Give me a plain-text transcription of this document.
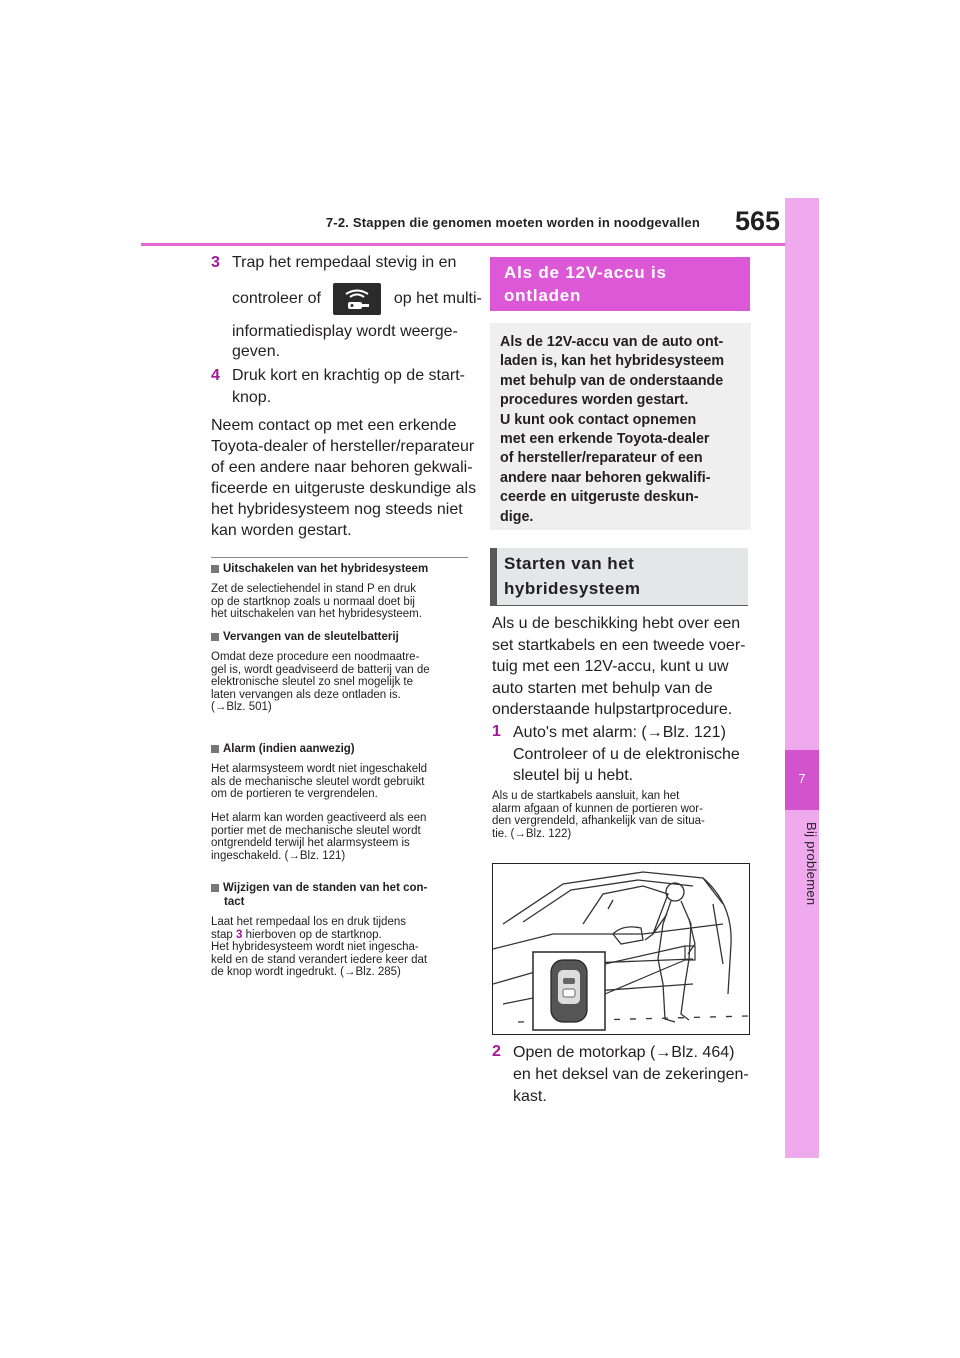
7-2. Stappen die genomen moeten worden in noodgevallen	565
7
Bij problemen
3 Trap het rempedaal stevig in en
controleer of	op het multi-
informatiedisplay wordt weerge-
geven.
4 Druk kort en krachtig op de start-
knop.
Neem contact op met een erkende
Toyota-dealer of hersteller/reparateur
of een andere naar behoren gekwali-
ficeerde en uitgeruste deskundige als
het hybridesysteem nog steeds niet
kan worden gestart.
Uitschakelen van het hybridesysteem
Zet de selectiehendel in stand P en druk
op de startknop zoals u normaal doet bij
het uitschakelen van het hybridesysteem.
Vervangen van de sleutelbatterij
Omdat deze procedure een noodmaatre-
gel is, wordt geadviseerd de batterij van de
elektronische sleutel zo snel mogelijk te
laten vervangen als deze ontladen is.
(→Blz. 501)
Alarm (indien aanwezig)
Het alarmsysteem wordt niet ingeschakeld
als de mechanische sleutel wordt gebruikt
om de portieren te vergrendelen.
Het alarm kan worden geactiveerd als een
portier met de mechanische sleutel wordt
ontgrendeld terwijl het alarmsysteem is
ingeschakeld. (→Blz. 121)
Wijzigen van de standen van het con-
tact
Laat het rempedaal los en druk tijdens
stap 3 hierboven op de startknop.
Het hybridesysteem wordt niet ingescha-
keld en de stand verandert iedere keer dat
de knop wordt ingedrukt. (→Blz. 285)
Als de 12V-accu is
ontladen
Als de 12V-accu van de auto ont-
laden is, kan het hybridesysteem
met behulp van de onderstaande
procedures worden gestart.
U kunt ook contact opnemen
met een erkende Toyota-dealer
of hersteller/reparateur of een
andere naar behoren gekwalifi-
ceerde en uitgeruste deskun-
dige.
Starten van het
hybridesysteem
Als u de beschikking hebt over een
set startkabels en een tweede voer-
tuig met een 12V-accu, kunt u uw
auto starten met behulp van de
onderstaande hulpstartprocedure.
1 Auto's met alarm: (→Blz. 121)
Controleer of u de elektronische
sleutel bij u hebt.
Als u de startkabels aansluit, kan het
alarm afgaan of kunnen de portieren wor-
den vergrendeld, afhankelijk van de situa-
tie. (→Blz. 122)
2 Open de motorkap (→Blz. 464)
en het deksel van de zekeringen-
kast.
